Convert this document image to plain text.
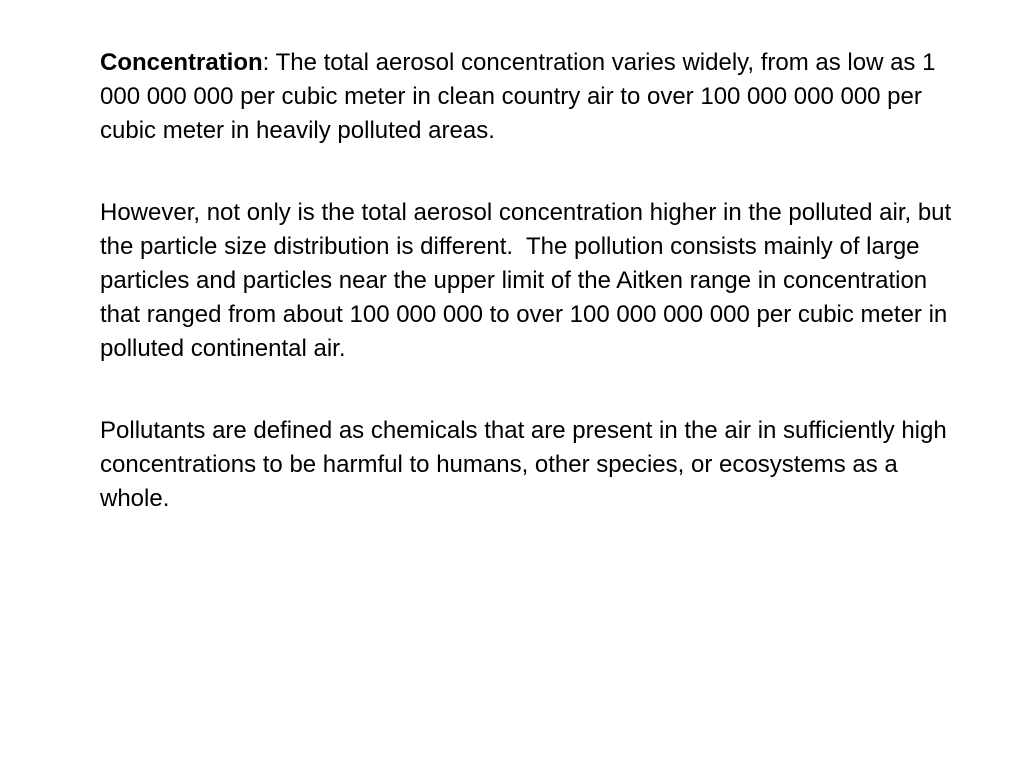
Concentration: The total aerosol concentration varies widely, from as low as 1 000 000 000 per cubic meter in clean country air to over 100 000 000 000 per cubic meter in heavily polluted areas.

However, not only is the total aerosol concentration higher in the polluted air, but the particle size distribution is different.  The pollution consists mainly of large particles and particles near the upper limit of the Aitken range in concentration that ranged from about 100 000 000 to over 100 000 000 000 per cubic meter in polluted continental air.

Pollutants are defined as chemicals that are present in the air in sufficiently high concentrations to be harmful to humans, other species, or ecosystems as a whole.
